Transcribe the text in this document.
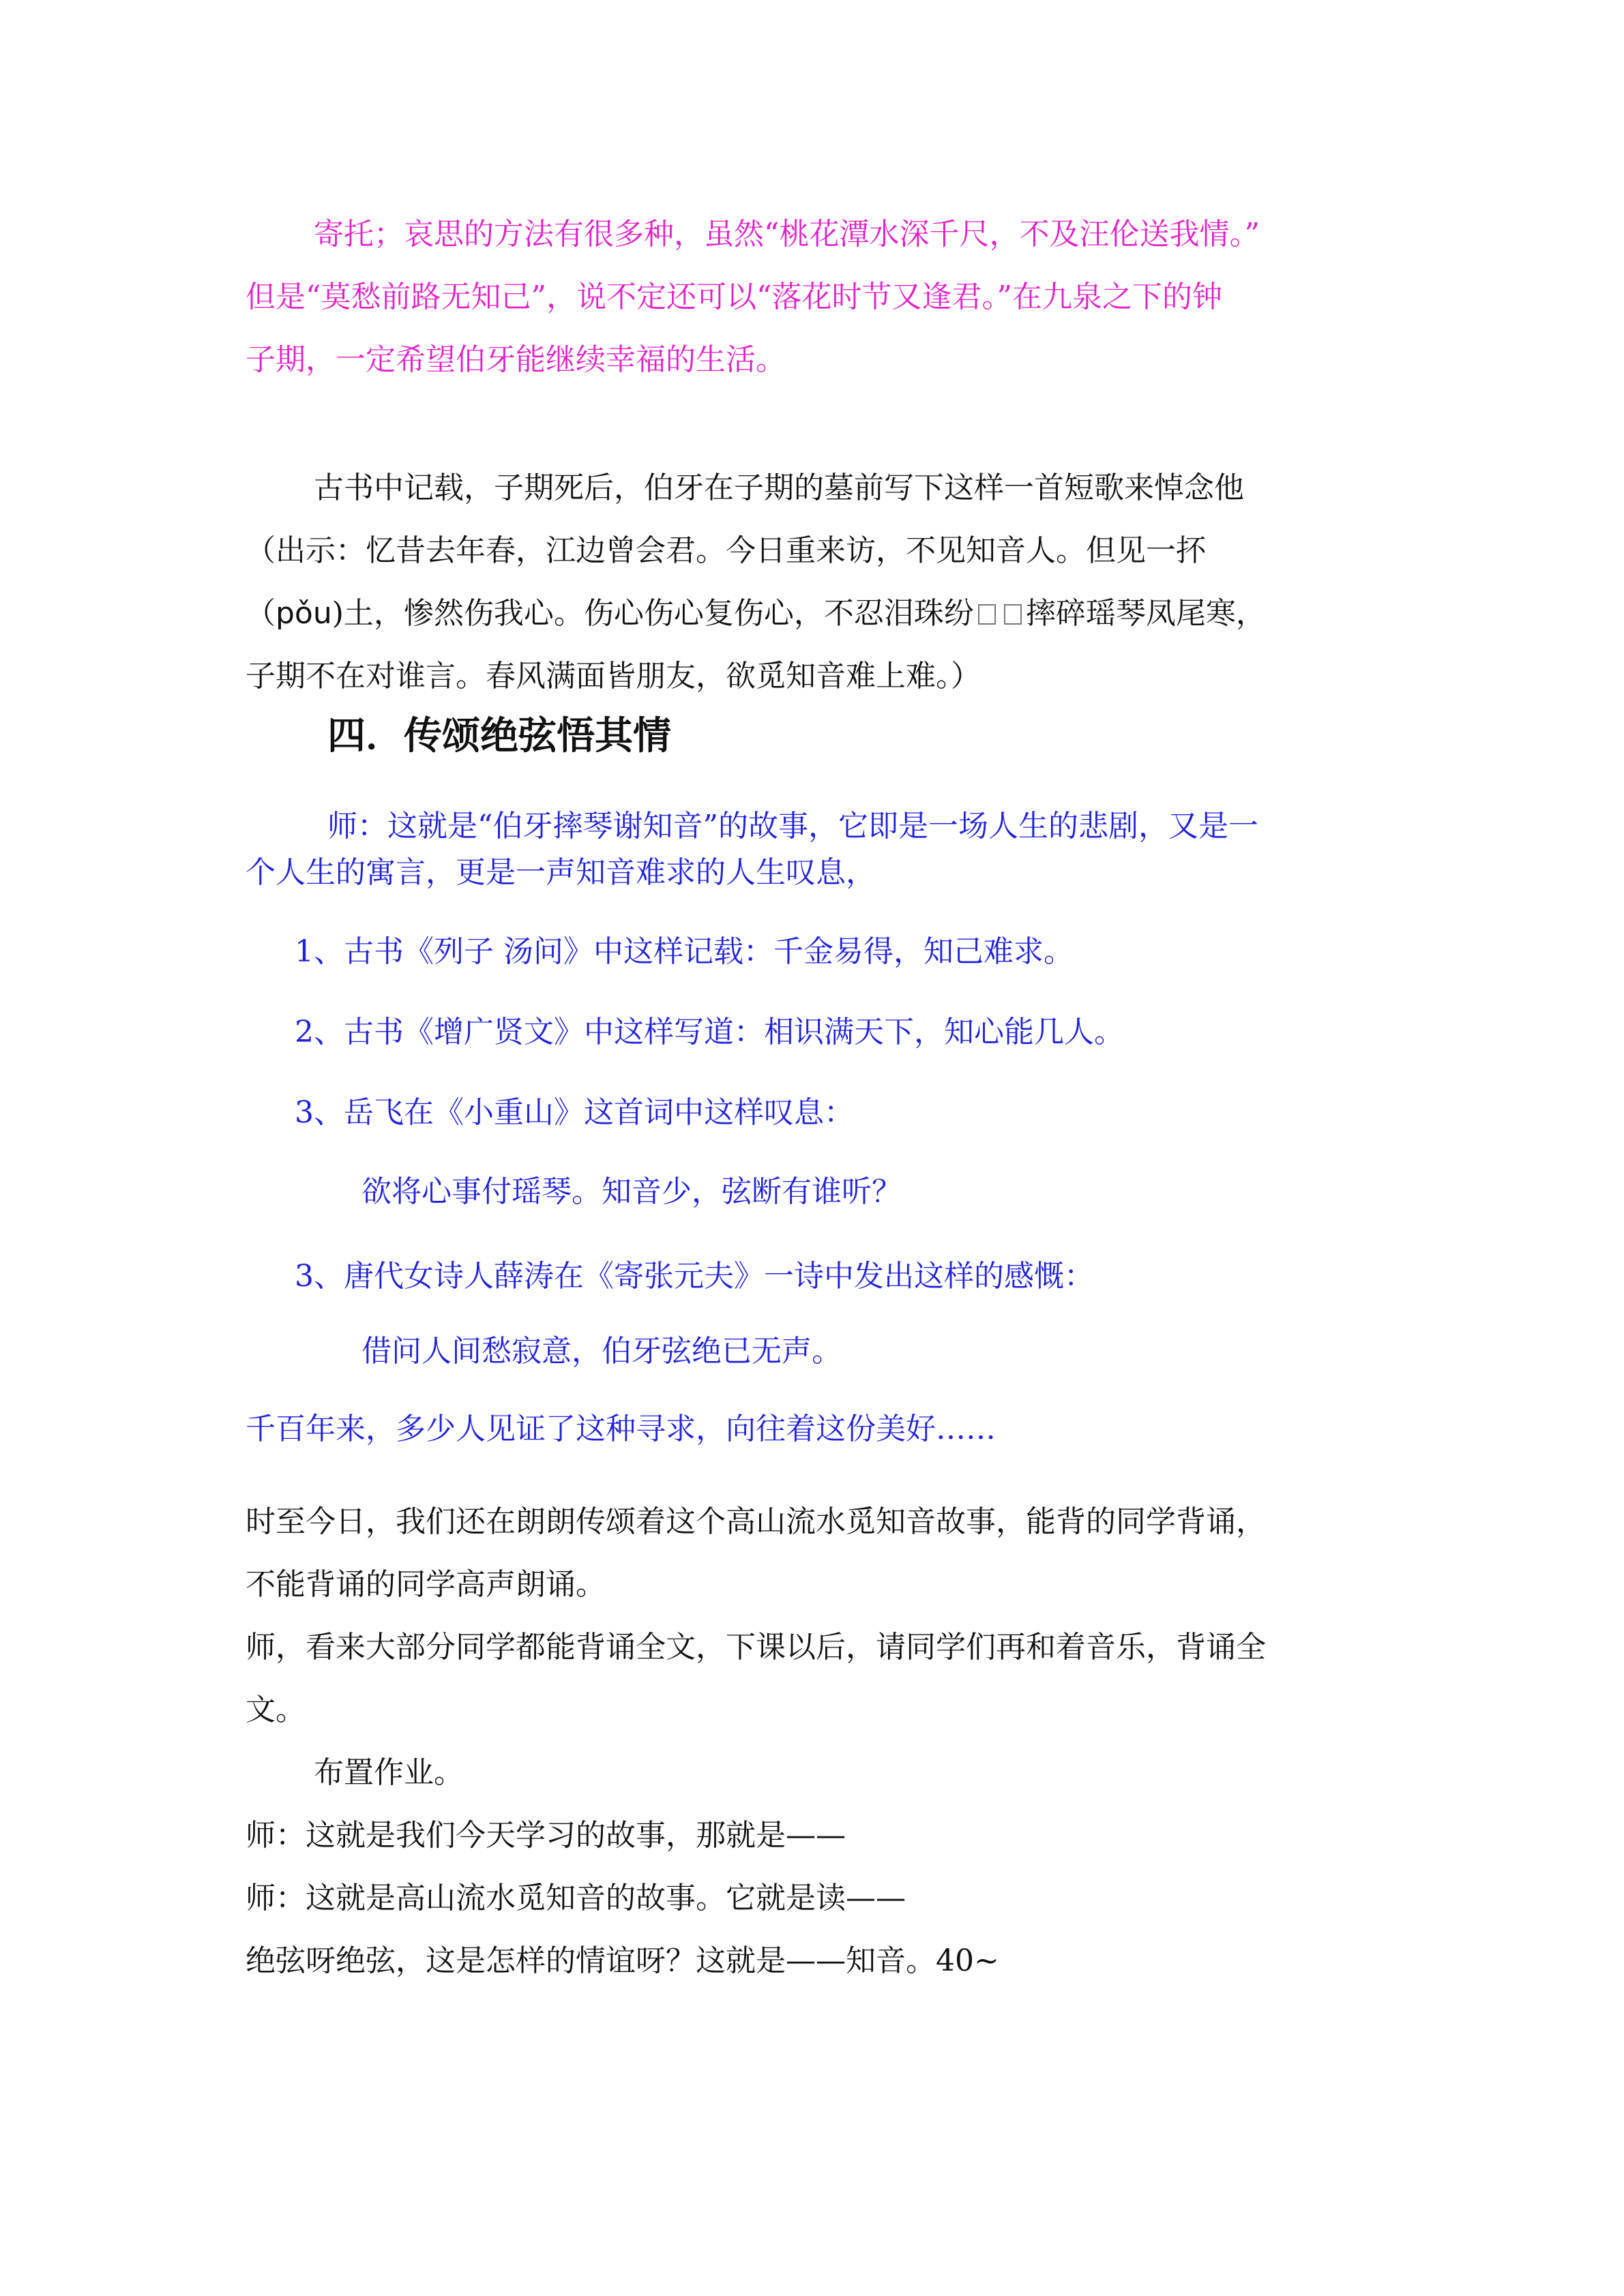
寄托；哀思的方法有很多种，虽然“桃花潭水深千尺，不及汪伦送我情。”

但是“莫愁前路无知己”，说不定还可以“落花时节又逢君。”在九泉之下的钟

子期，一定希望伯牙能继续幸福的生活。

古书中记载，子期死后，伯牙在子期的墓前写下这样一首短歌来悼念他

（出示：忆昔去年春，江边曾会君。今日重来访，不见知音人。但见一抔

（pǒu)土，惨然伤我心。伤心伤心复伤心，不忍泪珠纷 摔碎瑶琴凤尾寒，

子期不在对谁言。春风满面皆朋友，欲觅知音难上难。）

四．传颂绝弦悟其情

师：这就是“伯牙摔琴谢知音”的故事，它即是一场人生的悲剧，又是一

个人生的寓言，更是一声知音难求的人生叹息，

1、古书《列子 汤问》中这样记载：千金易得，知己难求。

2、古书《增广贤文》中这样写道：相识满天下，知心能几人。

3、岳飞在《小重山》这首词中这样叹息：

欲将心事付瑶琴。知音少，弦断有谁听？

3、唐代女诗人薛涛在《寄张元夫》一诗中发出这样的感慨：

借问人间愁寂意，伯牙弦绝已无声。

千百年来，多少人见证了这种寻求，向往着这份美好……

时至今日，我们还在朗朗传颂着这个高山流水觅知音故事，能背的同学背诵，

不能背诵的同学高声朗诵。

师，看来大部分同学都能背诵全文，下课以后，请同学们再和着音乐，背诵全

文。

布置作业。

师：这就是我们今天学习的故事，那就是——

师：这就是高山流水觅知音的故事。它就是读——

绝弦呀绝弦，这是怎样的情谊呀？这就是——知音。40~
